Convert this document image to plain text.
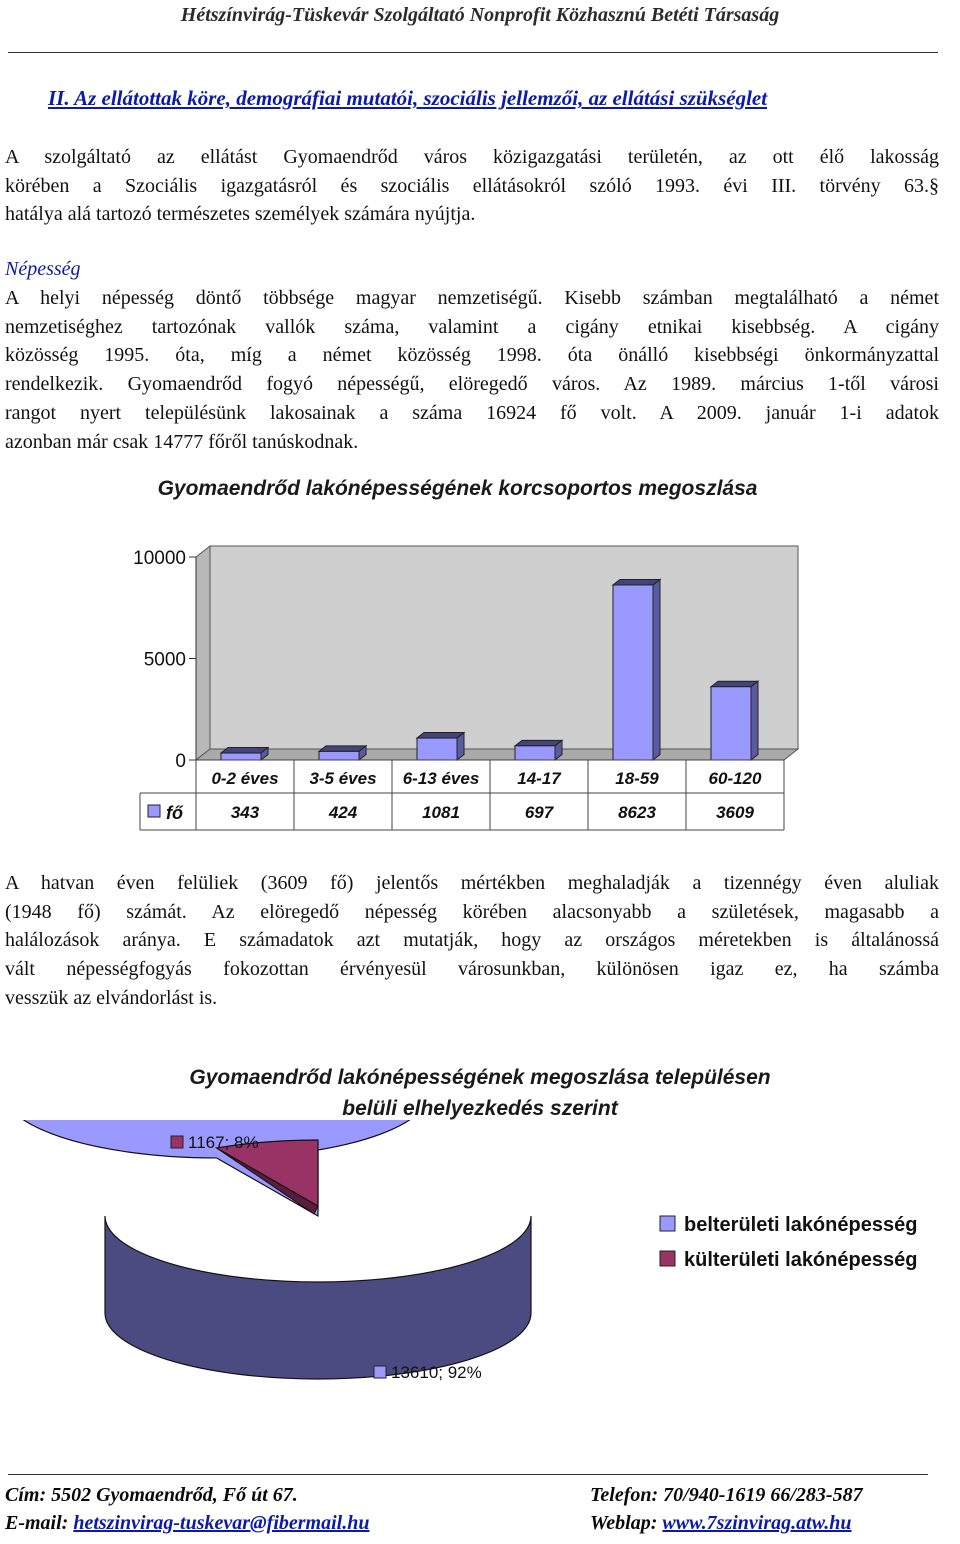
Hétszínvirág-Tüskevár Szolgáltató Nonprofit Közhasznú Betéti Társaság
II. Az ellátottak köre, demográfiai mutatói, szociális jellemzői, az ellátási szükséglet
A szolgáltató az ellátást Gyomaendrőd város közigazgatási területén, az ott élő lakosság
körében a Szociális igazgatásról és szociális ellátásokról szóló 1993. évi III. törvény 63.§
hatálya alá tartozó természetes személyek számára nyújtja.
Népesség
A helyi népesség döntő többsége magyar nemzetiségű. Kisebb számban megtalálható a német
nemzetiséghez tartozónak vallók száma, valamint a cigány etnikai kisebbség. A cigány
közösség 1995. óta, míg a német közösség 1998. óta önálló kisebbségi önkormányzattal
rendelkezik. Gyomaendrőd fogyó népességű, elöregedő város. Az 1989. március 1-től városi
rangot nyert településünk lakosainak a száma 16924 fő volt. A 2009. január 1-i adatok
azonban már csak 14777 főről tanúskodnak.
Gyomaendrőd lakónépességének korcsoportos megoszlása
10000
5000
0
0-2 éves
343
3-5 éves
424
6-13 éves
1081
14-17
697
18-59
8623
60-120
3609
fő
A hatvan éven felüliek (3609 fő) jelentős mértékben meghaladják a tizennégy éven aluliak
(1948 fő) számát. Az elöregedő népesség körében alacsonyabb a születések, magasabb a
halálozások aránya. E számadatok azt mutatják, hogy az országos méretekben is általánossá
vált népességfogyás fokozottan érvényesül városunkban, különösen igaz ez, ha számba
vesszük az elvándorlást is.
Gyomaendrőd lakónépességének megoszlása településen
belüli elhelyezkedés szerint
1167; 8%
13610; 92%
belterületi lakónépesség
külterületi lakónépesség
Cím: 5502 Gyomaendrőd, Fő út 67.	Telefon: 70/940-1619 66/283-587
E-mail: hetszinvirag-tuskevar@fibermail.hu	Weblap: www.7szinvirag.atw.hu
